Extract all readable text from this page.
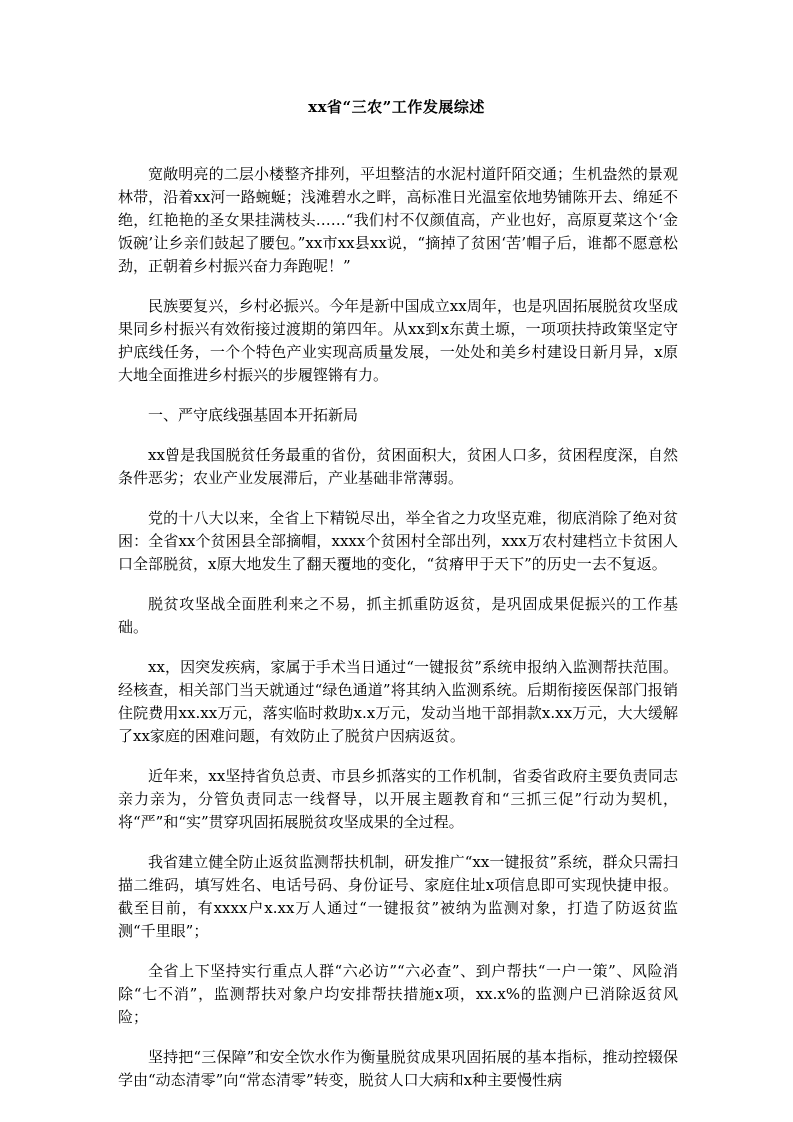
xx省“三农”工作发展综述

宽敞明亮的二层小楼整齐排列，平坦整洁的水泥村道阡陌交通；生机盎然的景观林带，沿着xx河一路蜿蜒；浅滩碧水之畔，高标准日光温室依地势铺陈开去、绵延不绝，红艳艳的圣女果挂满枝头……“我们村不仅颜值高，产业也好，高原夏菜这个‘金饭碗’让乡亲们鼓起了腰包。”xx市xx县xx说，“摘掉了贫困‘苦’帽子后，谁都不愿意松劲，正朝着乡村振兴奋力奔跑呢！”

民族要复兴，乡村必振兴。今年是新中国成立xx周年，也是巩固拓展脱贫攻坚成果同乡村振兴有效衔接过渡期的第四年。从xx到x东黄土塬，一项项扶持政策坚定守护底线任务，一个个特色产业实现高质量发展，一处处和美乡村建设日新月异，x原大地全面推进乡村振兴的步履铿锵有力。

一、严守底线强基固本开拓新局

xx曾是我国脱贫任务最重的省份，贫困面积大，贫困人口多，贫困程度深，自然条件恶劣；农业产业发展滞后，产业基础非常薄弱。

党的十八大以来，全省上下精锐尽出，举全省之力攻坚克难，彻底消除了绝对贫困：全省xx个贫困县全部摘帽，xxxx个贫困村全部出列，xxx万农村建档立卡贫困人口全部脱贫，x原大地发生了翻天覆地的变化，“贫瘠甲于天下”的历史一去不复返。

脱贫攻坚战全面胜利来之不易，抓主抓重防返贫，是巩固成果促振兴的工作基础。

xx，因突发疾病，家属于手术当日通过“一键报贫”系统申报纳入监测帮扶范围。经核查，相关部门当天就通过“绿色通道”将其纳入监测系统。后期衔接医保部门报销住院费用xx.xx万元，落实临时救助x.x万元，发动当地干部捐款x.xx万元，大大缓解了xx家庭的困难问题，有效防止了脱贫户因病返贫。

近年来，xx坚持省负总责、市县乡抓落实的工作机制，省委省政府主要负责同志亲力亲为，分管负责同志一线督导，以开展主题教育和“三抓三促”行动为契机，将“严”和“实”贯穿巩固拓展脱贫攻坚成果的全过程。

我省建立健全防止返贫监测帮扶机制，研发推广“xx一键报贫”系统，群众只需扫描二维码，填写姓名、电话号码、身份证号、家庭住址x项信息即可实现快捷申报。截至目前，有xxxx户x.xx万人通过“一键报贫”被纳为监测对象，打造了防返贫监测“千里眼”；

全省上下坚持实行重点人群“六必访”“六必查”、到户帮扶“一户一策”、风险消除“七不消”，监测帮扶对象户均安排帮扶措施x项，xx.x%的监测户已消除返贫风险；

坚持把“三保障”和安全饮水作为衡量脱贫成果巩固拓展的基本指标，推动控辍保学由“动态清零”向“常态清零”转变，脱贫人口大病和x种主要慢性病
